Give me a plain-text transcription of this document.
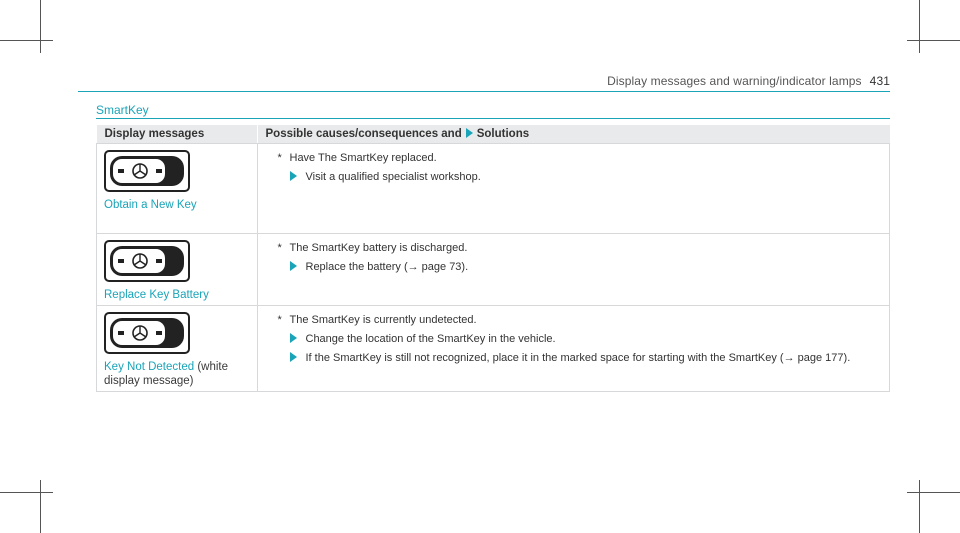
Display messages and warning/indicator lamps 431
SmartKey
Display messages	Possible causes/consequences and Solutions

Obtain a New Key	* Have The SmartKey replaced.
Visit a qualified specialist workshop.

Replace Key Battery	* The SmartKey battery is discharged.
Replace the battery (→ page 73).

Key Not Detected (white display message)	* The SmartKey is currently undetected.
Change the location of the SmartKey in the vehicle.
If the SmartKey is still not recognized, place it in the marked space for starting with the SmartKey (→ page 177).
